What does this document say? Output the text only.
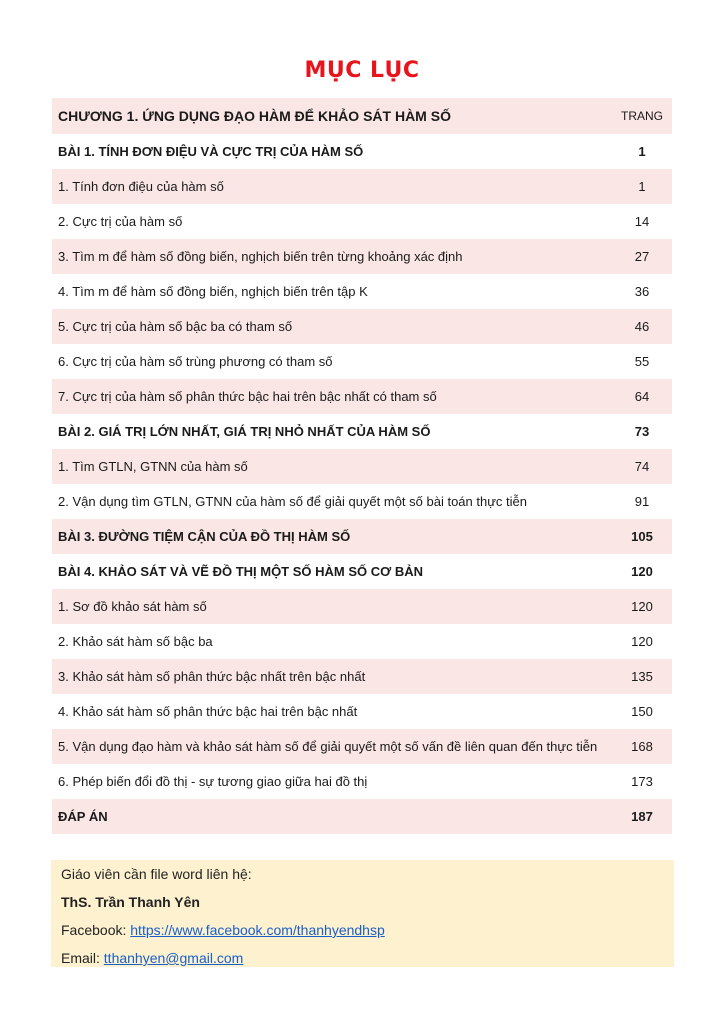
MỤC LỤC
CHƯƠNG 1. ỨNG DỤNG ĐẠO HÀM ĐỂ KHẢO SÁT HÀM SỐ	TRANG
BÀI 1. TÍNH ĐƠN ĐIỆU VÀ CỰC TRỊ CỦA HÀM SỐ	1
1. Tính đơn điệu của hàm số	1
2. Cực trị của hàm số	14
3. Tìm m để hàm số đồng biến, nghịch biến trên từng khoảng xác định	27
4. Tìm m để hàm số đồng biến, nghịch biến trên tập K	36
5. Cực trị của hàm số bậc ba có tham số	46
6. Cực trị của hàm số trùng phương có tham số	55
7. Cực trị của hàm số phân thức bậc hai trên bậc nhất có tham số	64
BÀI 2. GIÁ TRỊ LỚN NHẤT, GIÁ TRỊ NHỎ NHẤT CỦA HÀM SỐ	73
1. Tìm GTLN, GTNN của hàm số	74
2. Vận dụng tìm GTLN, GTNN của hàm số để giải quyết một số bài toán thực tiễn	91
BÀI 3. ĐƯỜNG TIỆM CẬN CỦA ĐỒ THỊ HÀM SỐ	105
BÀI 4. KHẢO SÁT VÀ VẼ ĐỒ THỊ MỘT SỐ HÀM SỐ CƠ BẢN	120
1. Sơ đồ khảo sát hàm số	120
2. Khảo sát hàm số bậc ba	120
3. Khảo sát hàm số phân thức bậc nhất trên bậc nhất	135
4. Khảo sát hàm số phân thức bậc hai trên bậc nhất	150
5. Vận dụng đạo hàm và khảo sát hàm số để giải quyết một số vấn đề liên quan đến thực tiễn	168
6. Phép biến đổi đồ thị - sự tương giao giữa hai đồ thị	173
ĐÁP ÁN	187
Giáo viên cần file word liên hệ:
ThS. Trần Thanh Yên
Facebook: https://www.facebook.com/thanhyendhsp
Email: tthanhyen@gmail.com
